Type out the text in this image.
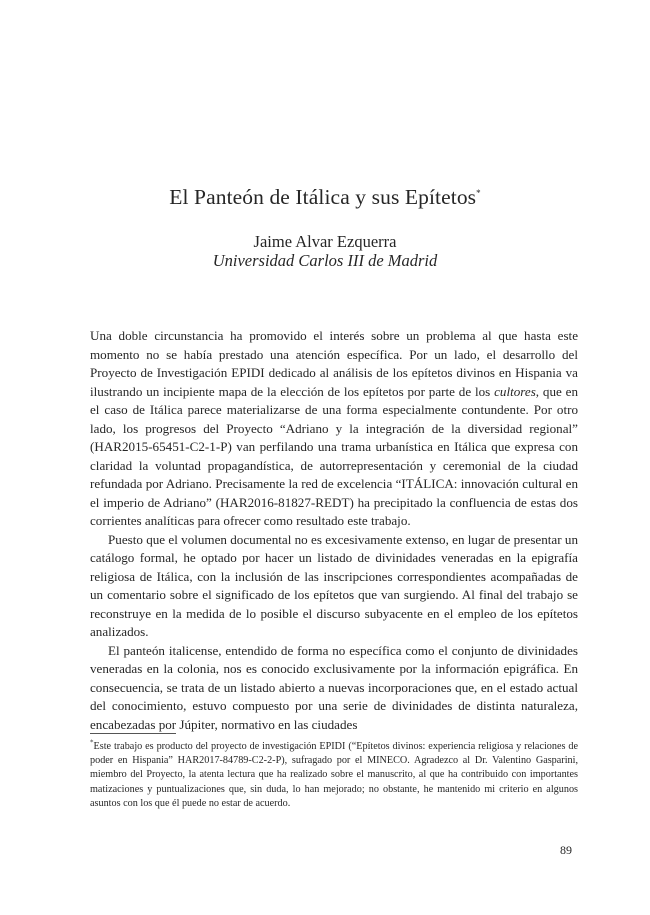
El Panteón de Itálica y sus Epítetos*
Jaime Alvar Ezquerra
Universidad Carlos III de Madrid

Una doble circunstancia ha promovido el interés sobre un problema al que hasta este momento no se había prestado una atención específica. Por un lado, el desarrollo del Proyecto de Investigación EPIDI dedicado al análisis de los epítetos divinos en Hispania va ilustrando un incipiente mapa de la elección de los epítetos por parte de los cultores, que en el caso de Itálica parece materializarse de una forma especialmente contundente. Por otro lado, los progresos del Proyecto “Adriano y la integración de la diversidad regional” (HAR2015-65451-C2-1-P) van perfilando una trama urbanística en Itálica que expresa con claridad la voluntad propagandística, de autorrepresentación y ceremonial de la ciudad refundada por Adriano. Precisamente la red de excelencia “ITÁLICA: innovación cultural en el imperio de Adriano” (HAR2016-81827-REDT) ha precipitado la confluencia de estas dos corrientes analíticas para ofrecer como resultado este trabajo.

Puesto que el volumen documental no es excesivamente extenso, en lugar de presentar un catálogo formal, he optado por hacer un listado de divinidades veneradas en la epigrafía religiosa de Itálica, con la inclusión de las inscripciones correspondientes acompañadas de un comentario sobre el significado de los epítetos que van surgiendo. Al final del trabajo se reconstruye en la medida de lo posible el discurso subyacente en el empleo de los epítetos analizados.

El panteón italicense, entendido de forma no específica como el conjunto de divinidades veneradas en la colonia, nos es conocido exclusivamente por la información epigráfica. En consecuencia, se trata de un listado abierto a nuevas incorporaciones que, en el estado actual del conocimiento, estuvo compuesto por una serie de divinidades de distinta naturaleza, encabezadas por Júpiter, normativo en las ciudades

*Este trabajo es producto del proyecto de investigación EPIDI (“Epítetos divinos: experiencia religiosa y relaciones de poder en Hispania” HAR2017-84789-C2-2-P), sufragado por el MINECO. Agradezco al Dr. Valentino Gasparini, miembro del Proyecto, la atenta lectura que ha realizado sobre el manuscrito, al que ha contribuido con importantes matizaciones y puntualizaciones que, sin duda, lo han mejorado; no obstante, he mantenido mi criterio en algunos asuntos con los que él puede no estar de acuerdo.
89
